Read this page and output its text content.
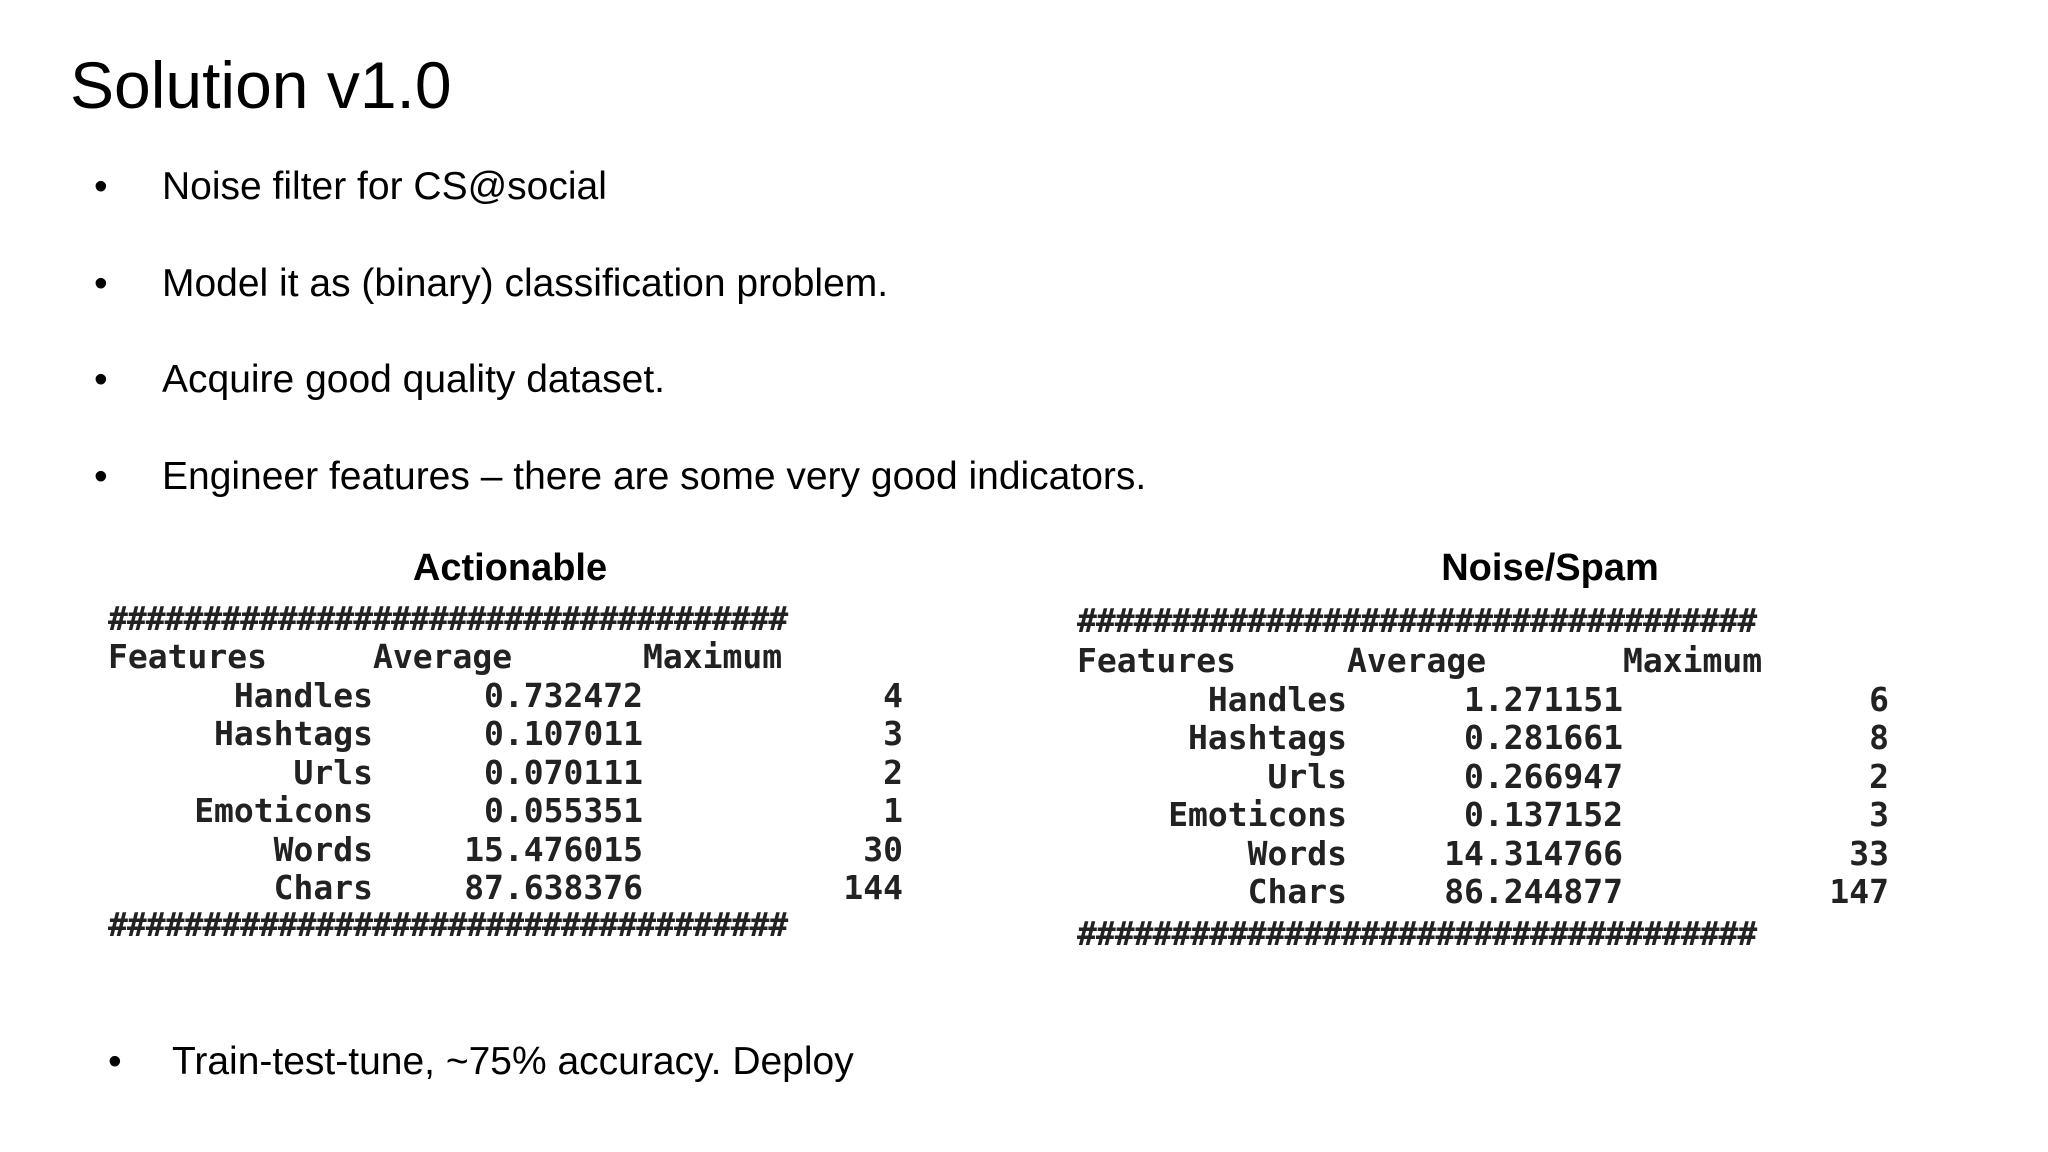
Solution v1.0
• Noise filter for CS@social
• Model it as (binary) classification problem.
• Acquire good quality dataset.
• Engineer features – there are some very good indicators.
Actionable

####################################

Features	Average	Maximum
Handles	0.732472	4
Hashtags	0.107011	3
Urls	0.070111	2
Emoticons	0.055351	1
Words	15.476015	30
Chars	87.638376	144

####################################

Noise/Spam

####################################

Features	Average	Maximum
Handles	1.271151	6
Hashtags	0.281661	8
Urls	0.266947	2
Emoticons	0.137152	3
Words	14.314766	33
Chars	86.244877	147

####################################

• Train-test-tune, ~75% accuracy. Deploy
